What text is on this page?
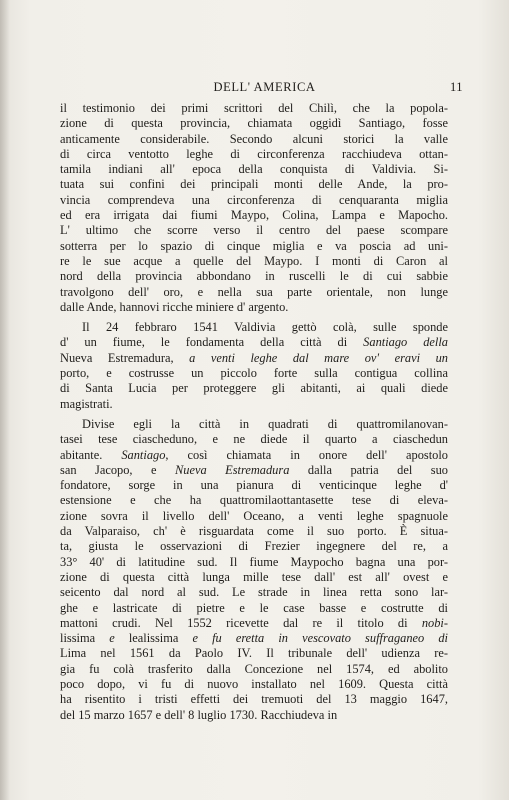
DELL' AMERICA	11
il testimonio dei primi scrittori del Chilì, che la popola-
zione di questa provincia, chiamata oggidì Santiago, fosse
anticamente considerabile. Secondo alcuni storici la valle
di circa ventotto leghe di circonferenza racchiudeva ottan-
tamila indiani all' epoca della conquista di Valdivia. Si-
tuata sui confini dei principali monti delle Ande, la pro-
vincia comprendeva una circonferenza di cenquaranta miglia
ed era irrigata dai fiumi Maypo, Colina, Lampa e Mapocho.
L' ultimo che scorre verso il centro del paese scompare
sotterra per lo spazio di cinque miglia e va poscia ad uni-
re le sue acque a quelle del Maypo. I monti di Caron al
nord della provincia abbondano in ruscelli le di cui sabbie
travolgono dell' oro, e nella sua parte orientale, non lunge
dalle Ande, hannovi ricche miniere d' argento.
Il 24 febbraro 1541 Valdivia gettò colà, sulle sponde
d' un fiume, le fondamenta della città di Santiago della
Nueva Estremadura, a venti leghe dal mare ov' eravi un
porto, e costrusse un piccolo forte sulla contigua collina
di Santa Lucia per proteggere gli abitanti, ai quali diede
magistrati.
Divise egli la città in quadrati di quattromilanovan-
tasei tese ciascheduno, e ne diede il quarto a ciaschedun
abitante. Santiago, così chiamata in onore dell' apostolo
san Jacopo, e Nueva Estremadura dalla patria del suo
fondatore, sorge in una pianura di venticinque leghe d'
estensione e che ha quattromilaottantasette tese di eleva-
zione sovra il livello dell' Oceano, a venti leghe spagnuole
da Valparaiso, ch' è risguardata come il suo porto. È situa-
ta, giusta le osservazioni di Frezier ingegnere del re, a
33° 40' di latitudine sud. Il fiume Maypocho bagna una por-
zione di questa città lunga mille tese dall' est all' ovest e
seicento dal nord al sud. Le strade in linea retta sono lar-
ghe e lastricate di pietre e le case basse e costrutte di
mattoni crudi. Nel 1552 ricevette dal re il titolo di nobi-
lissima e lealissima e fu eretta in vescovato suffraganeo di
Lima nel 1561 da Paolo IV. Il tribunale dell' udienza re-
gia fu colà trasferito dalla Concezione nel 1574, ed abolito
poco dopo, vi fu di nuovo installato nel 1609. Questa città
ha risentito i tristi effetti dei tremuoti del 13 maggio 1647,
del 15 marzo 1657 e dell' 8 luglio 1730. Racchiudeva in
